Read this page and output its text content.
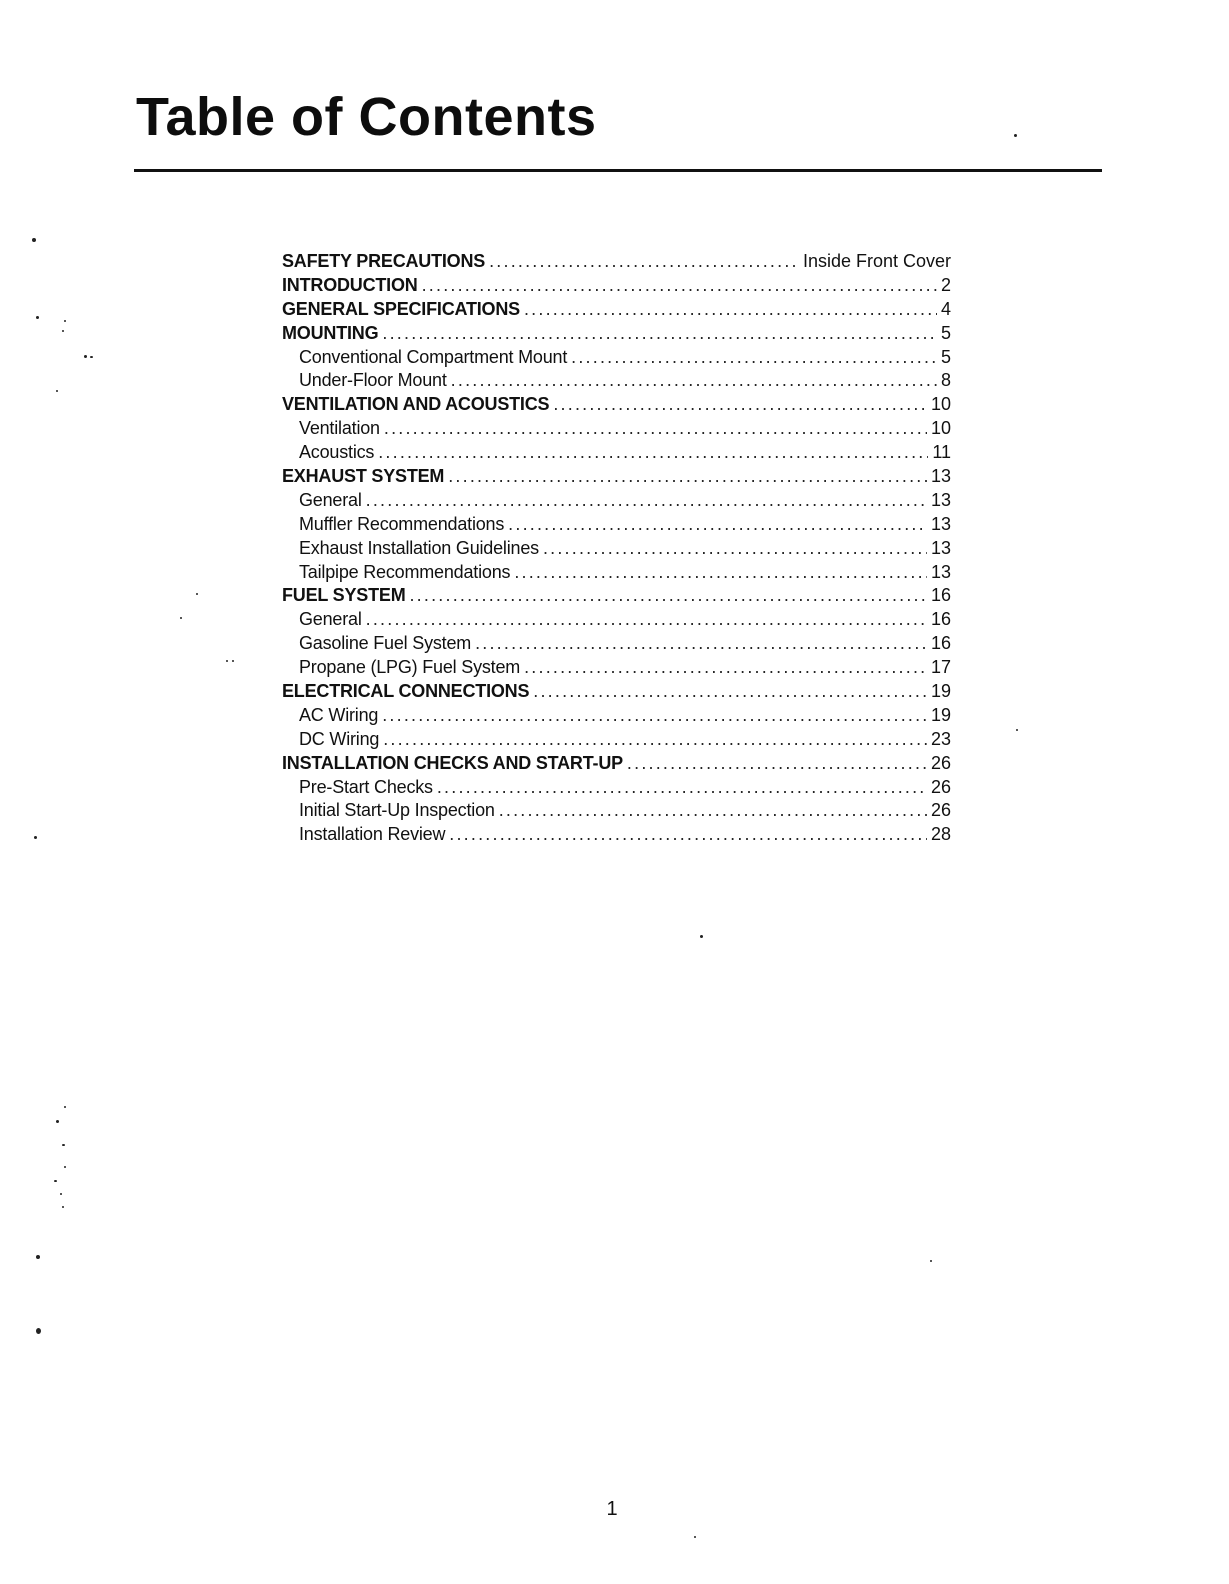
Table of Contents
SAFETY PRECAUTIONS .....	Inside Front Cover
INTRODUCTION .....	2
GENERAL SPECIFICATIONS .....	4
MOUNTING .....	5
Conventional Compartment Mount .....	5
Under-Floor Mount .....	8
VENTILATION AND ACOUSTICS .....	10
Ventilation .....	10
Acoustics .....	11
EXHAUST SYSTEM .....	13
General .....	13
Muffler Recommendations .....	13
Exhaust Installation Guidelines .....	13
Tailpipe Recommendations .....	13
FUEL SYSTEM .....	16
General .....	16
Gasoline Fuel System .....	16
Propane (LPG) Fuel System .....	17
ELECTRICAL CONNECTIONS .....	19
AC Wiring .....	19
DC Wiring .....	23
INSTALLATION CHECKS AND START-UP .....	26
Pre-Start Checks .....	26
Initial Start-Up Inspection .....	26
Installation Review .....	28
1
